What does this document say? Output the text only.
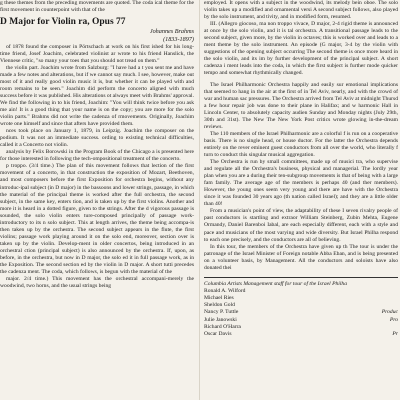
g these themes from the preceding movements are quoted. The coda ical theme for the first movement in counterpoint with that of the

D Major for Violin ra, Opus 77
Johannes Brahms
(1833-1897)

of 1878 found the composer in Pörtschach at work on his first ished for his long-time friend, Josef Joachim, celebrated violinist ar wrote to his friend Hanslick, the Viennese critic, "so many your toes that you should not tread on them."

the violin part. Joachim wrote from Salzburg: "I have had a t you sent me and have made a few notes and alterations, but if we cannot say much. I see, however, make out most of it and really good violin music it is, but whether it can be played with and room remains to be seen." Joachim did perform the concerto aligned with much success before it was published. His alterations ot always meet with Brahms' approval. We find the following in to his friend, Joachim: "You will think twice before you ask me ain! It is a good thing that your name is on the copy; you are more for the solo violin parts." Brahms did not write the cadenza of rmovements. Originally, Joachim wrote one himself and since that afters have provided them.

nces took place on January 1, 1879, in Leipzig. Joachim the composer on the podium. It was not an immediate success. ording to existing technical difficulties, called it a Concerto not violin.

analysis by Felix Borowski in the Program Book of the Chicago a is presented here for those interested in following the tech-ompositional treatment of the concerto.

p troppo. (3/4 time.) The plan of this movement follows that lection of the first movement of a concerto, in that construction the exposition of Mozart, Beethoven, and most composers before the first Exposition for orchestra begins, without any introduc-ipal subject (in D major) in the bassoons and lower strings, passage, in which the material of the principal theme is worked after the full orchestra, the second subject, in the same key, enters tion, and is taken up by the first violins. Another and more it is heard in a dotted figure, given to the strings. After the d vigorous passage is sounded, the solo violin enters ture-composed principally of passage work-introductory to its n solo subject. This at length arrives, the theme being accompa-is then taken up by the orchestra. The second subject appears in the flute, the first violins; passage work playing around it on the solo end, moreover, section over is taken up by the violin. Develop-ment in older concertos, being introduced in an orchestral ction (principal subject) is also announced by the orchestra. If, upon, as before, in the orchestra, but now in D major, the solo ed it in full passage work, as in the Exposition. The second section ed by the violin in D major. A short tutti precedes the cadenza ment. The coda, which follows, is begun with the material of the

major. 2/4 time.) This movement has the orchestral accompani-merely the woodwind, two horns, and the usual strings being

employed. It opens with a subject in the woodwind, its melody bein oboe. The solo violin takes up a modified and ornamental versi A second subject follows, also played by the solo instrument, and tivity, and in modified form, resumed.

III. (Allegro giocoso, ma non troppo vivace, D major, 2-4 rigid theme is announced at once by the solo violin, and it is tal orchestra. A transitional passage leads to the second subject, given more, by the violin in octaves; this is worked over and leads to a ment theme by the solo instrument. An episode (G major, 3-4 by the violin with suggestions of the opening subject occurring The second theme is once more heard in the solo violin, and its im by further development of the principal subject. A short cadenza i ment leads into the coda, in which the first subject is further mode quicker tempo and somewhat rhythmically changed.

The Israel Philharmonic Orchestra happily and easily sur emotional implications that seemed to hang in the air at the first of in Tel Aviv, nearly, and with the crowd of war and human sac pressures. The Orchestra arrived from Tel Aviv at midnight Thursd a few hour repair job was done to their plane in Halifax; and w harmonic Hall in Lincoln Center, to absolutely capacity audien Sunday and Monday nights (July 29th, 30th and 31st). The New The New York Post critics wrote glowing in-the-dream reviews.

The 110 members of the Israel Philharmonic are a colorful f is run on a cooperative basis. There is no single head, or house ductor. For the latter the Orchestra depends entirely on the rever eminent guest conductors from all over the world, who literally f turn to conduct this singular musical aggregation.

The Orchestra is run by small committees, made up of musici tra, who supervise and regulate all the Orchestra's business, physical and managerial. The lordly year plan when you are a during their ten-subgroup movements is that of being with a large fam family. The average age of the members is perhaps 40 (and ther members). However, the young ones seem very young and there are have with the Orchestra since it was founded 30 years ago (th nation called Israel); and they are a little older than 40!

From a musician's point of view, the adaptability of these I seven rivalry people of past conductors is startling and extraor William Steinberg, Zubin Mehta, Eugene Ormandy, Daniel Barenboi Iabal, are each especially different, each with a style and pace and musicians of the most varying and wide diversity. But Israel Philha respond to each one precisely, and the conductors are all of believing.

In this tour, the members of the Orchestra have given up th The tour is under the patronage of the Israel Minister of Foreign notable Abba Eban, and is being presented on a volunteer basis, by Management. All the conductors and soloists have also donated thei

Columbia Artists Management staff for tour of the Israel Philha
Ronald A. Wilford
Michael Ries
Sheldon Gold
Nancy P. Tuttle	Produc
Julie Janowski	Pro
Richard O'Harra
Oscar Davis	Pr
